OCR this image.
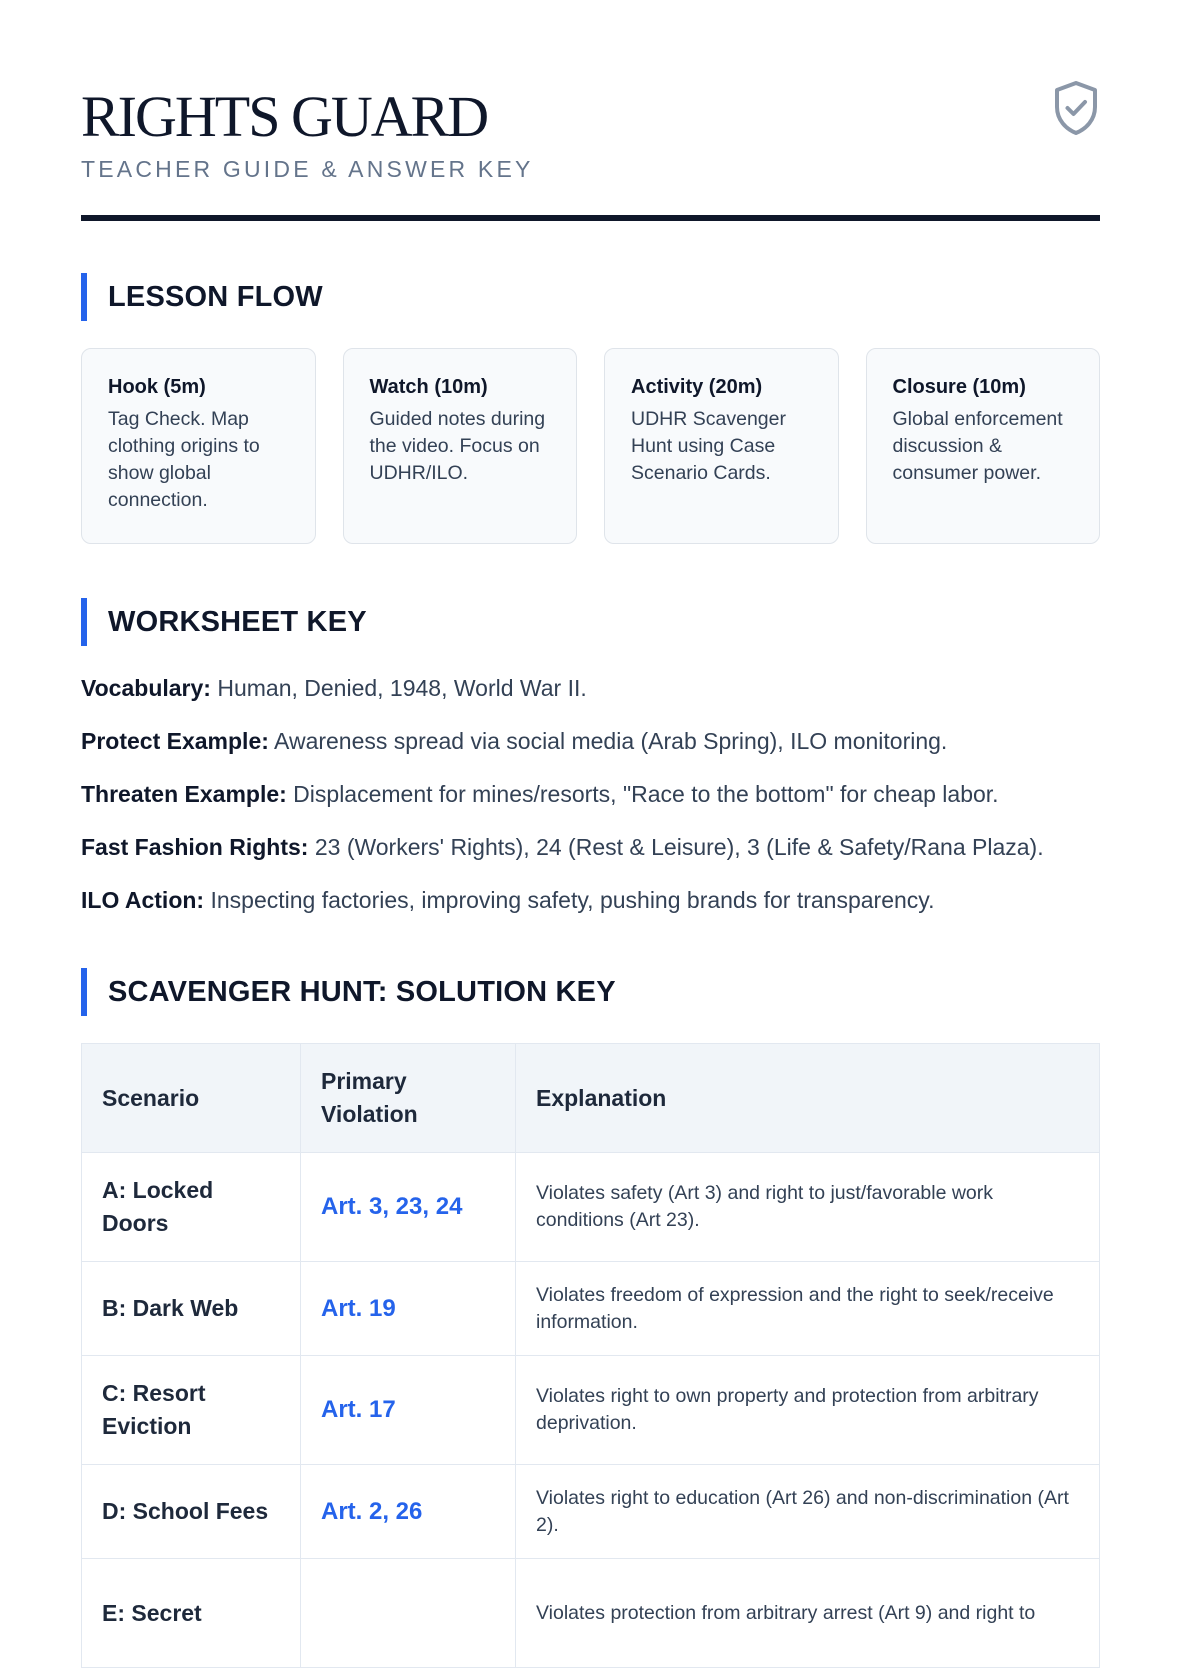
RIGHTS GUARD
TEACHER GUIDE & ANSWER KEY
LESSON FLOW
Hook (5m)
Tag Check. Map clothing origins to show global connection.
Watch (10m)
Guided notes during the video. Focus on UDHR/ILO.
Activity (20m)
UDHR Scavenger Hunt using Case Scenario Cards.
Closure (10m)
Global enforcement discussion & consumer power.
WORKSHEET KEY

Vocabulary: Human, Denied, 1948, World War II.

Protect Example: Awareness spread via social media (Arab Spring), ILO monitoring.

Threaten Example: Displacement for mines/resorts, "Race to the bottom" for cheap labor.

Fast Fashion Rights: 23 (Workers' Rights), 24 (Rest & Leisure), 3 (Life & Safety/Rana Plaza).

ILO Action: Inspecting factories, improving safety, pushing brands for transparency.

SCAVENGER HUNT: SOLUTION KEY
Scenario	Primary Violation	Explanation
A: Locked Doors	Art. 3, 23, 24	Violates safety (Art 3) and right to just/favorable work conditions (Art 23).
B: Dark Web	Art. 19	Violates freedom of expression and the right to seek/receive information.
C: Resort Eviction	Art. 17	Violates right to own property and protection from arbitrary deprivation.
D: School Fees	Art. 2, 26	Violates right to education (Art 26) and non-discrimination (Art 2).
E: Secret		Violates protection from arbitrary arrest (Art 9) and right to
